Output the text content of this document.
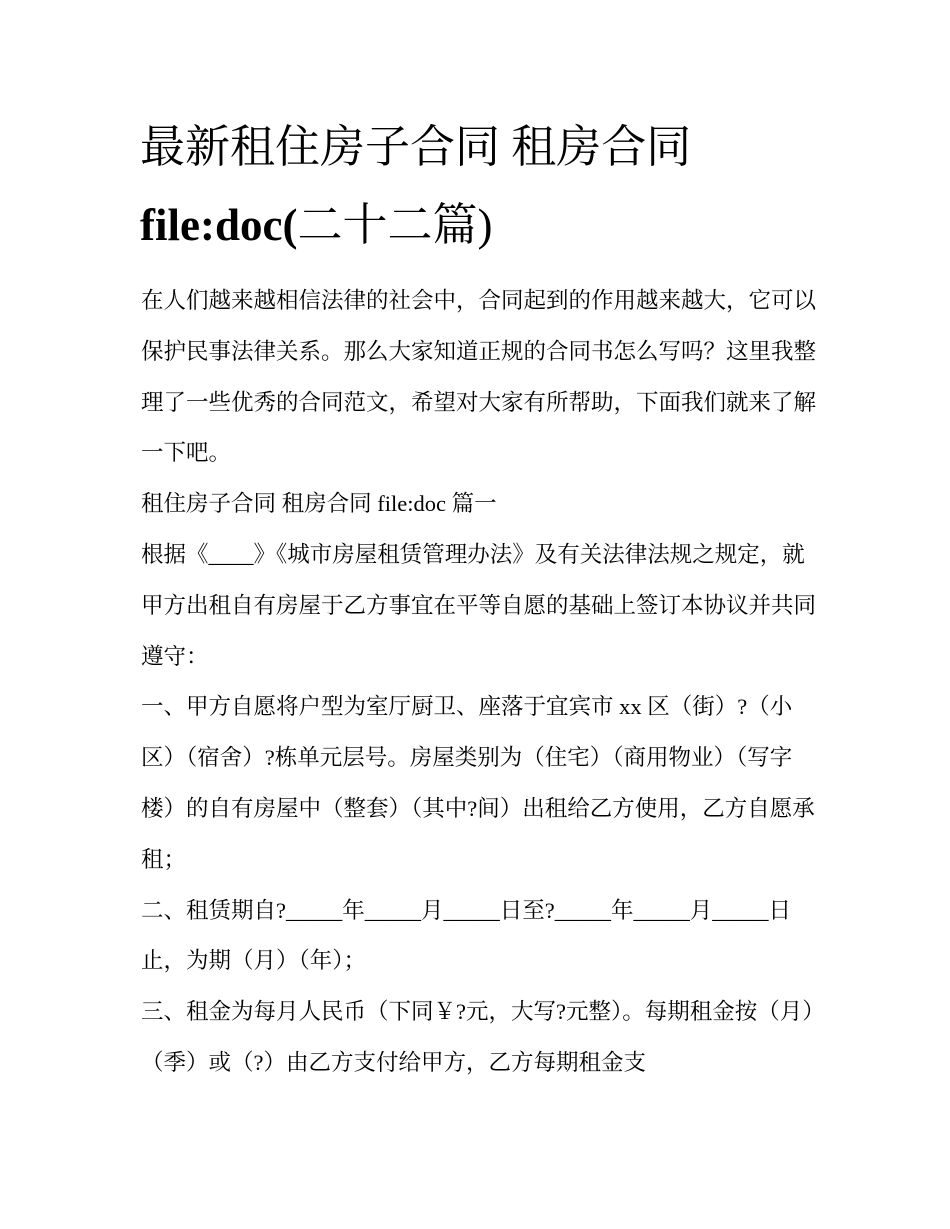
最新租住房子合同 租房合同
file:doc(二十二篇)

在人们越来越相信法律的社会中，合同起到的作用越来越大，它可以保护民事法律关系。那么大家知道正规的合同书怎么写吗？这里我整理了一些优秀的合同范文，希望对大家有所帮助，下面我们就来了解一下吧。

租住房子合同 租房合同 file:doc 篇一

根据《____》《城市房屋租赁管理办法》及有关法律法规之规定，就甲方出租自有房屋于乙方事宜在平等自愿的基础上签订本协议并共同遵守：

一、甲方自愿将户型为室厅厨卫、座落于宜宾市 xx 区（街）?（小区）（宿舍）?栋单元层号。房屋类别为（住宅）（商用物业）（写字楼）的自有房屋中（整套）（其中?间）出租给乙方使用，乙方自愿承租；

二、租赁期自?_____年_____月_____日至?_____年_____月_____日止，为期（月）（年）；

三、租金为每月人民币（下同￥?元，大写?元整）。每期租金按（月）（季）或（?）由乙方支付给甲方，乙方每期租金支
